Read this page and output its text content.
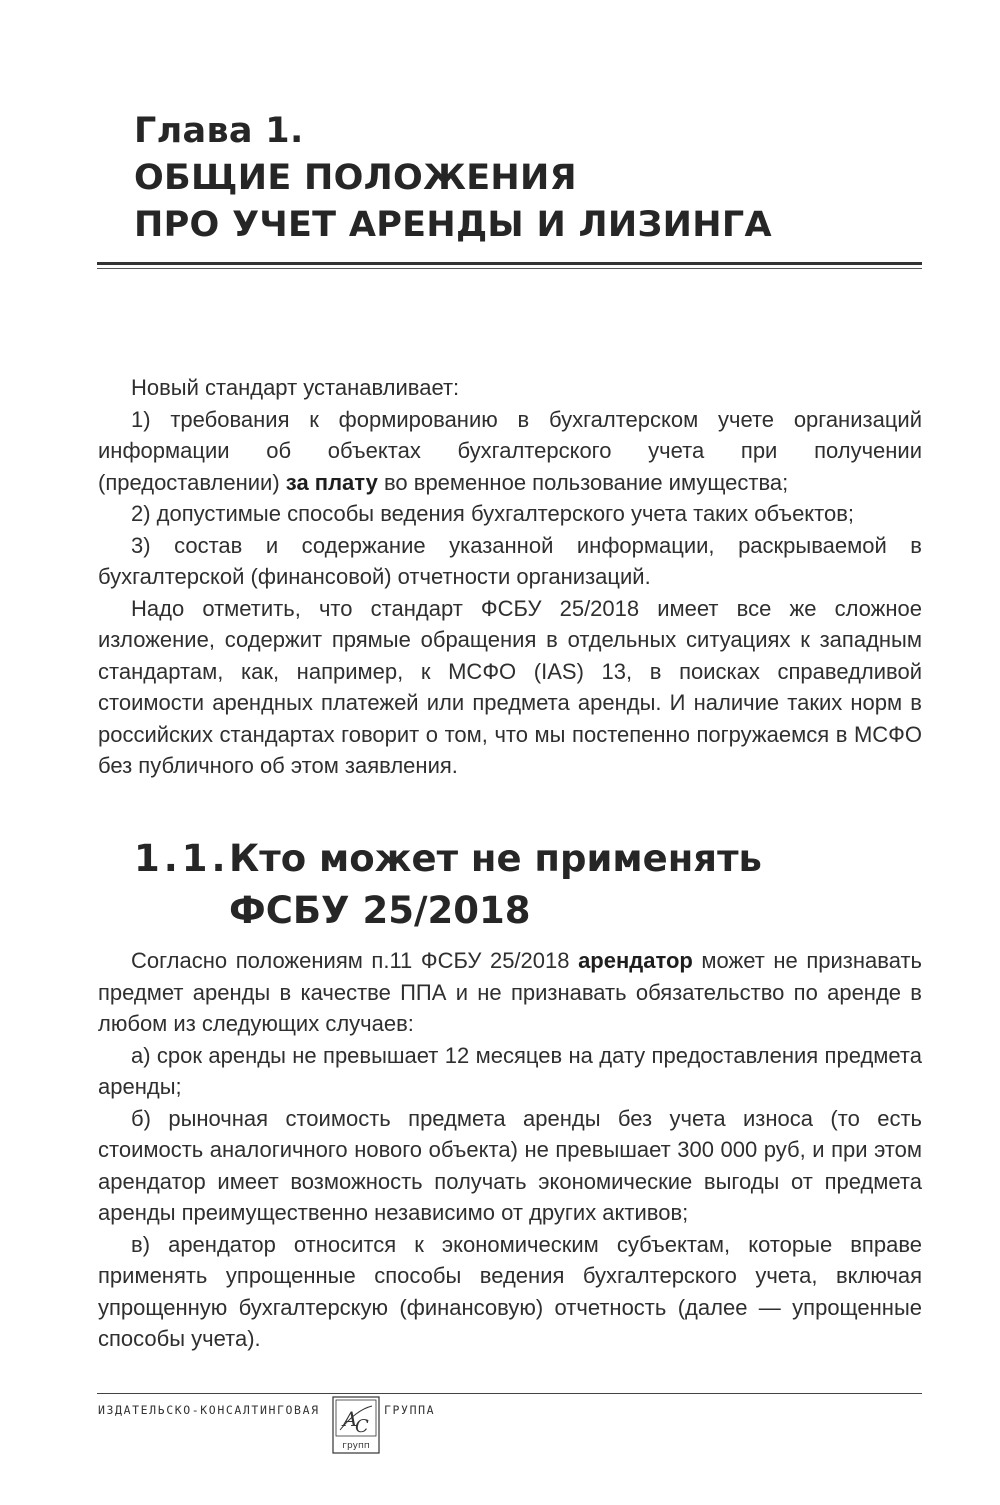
Глава 1.
ОБЩИЕ ПОЛОЖЕНИЯ
ПРО УЧЕТ АРЕНДЫ И ЛИЗИНГА

Новый стандарт устанавливает:

1) требования к формированию в бухгалтерском учете организаций информации об объектах бухгалтерского учета при получении (предоставлении) за плату во временное пользование имущества;

2) допустимые способы ведения бухгалтерского учета таких объектов;

3) состав и содержание указанной информации, раскрываемой в бухгалтерской (финансовой) отчетности организаций.

Надо отметить, что стандарт ФСБУ 25/2018 имеет все же сложное изложение, содержит прямые обращения в отдельных ситуациях к западным стандартам, как, например, к МСФО (IAS) 13, в поисках справедливой стоимости арендных платежей или предмета аренды. И наличие таких норм в российских стандартах говорит о том, что мы постепенно погружаемся в МСФО без публичного об этом заявления.

1.1.Кто может не применять
ФСБУ 25/2018

Согласно положениям п.11 ФСБУ 25/2018 арендатор может не признавать предмет аренды в качестве ППА и не признавать обязательство по аренде в любом из следующих случаев:

а) срок аренды не превышает 12 месяцев на дату предоставления предмета аренды;

б) рыночная стоимость предмета аренды без учета износа (то есть стоимость аналогичного нового объекта) не превышает 300 000 руб, и при этом арендатор имеет возможность получать экономические выгоды от предмета аренды преимущественно независимо от других активов;

в) арендатор относится к экономическим субъектам, которые вправе применять упрощенные способы ведения бухгалтерского учета, включая упрощенную бухгалтерскую (финансовую) отчетность (далее — упрощенные способы учета).

ИЗДАТЕЛЬСКО-КОНСАЛТИНГОВАЯ A
C
групп
ГРУППА
